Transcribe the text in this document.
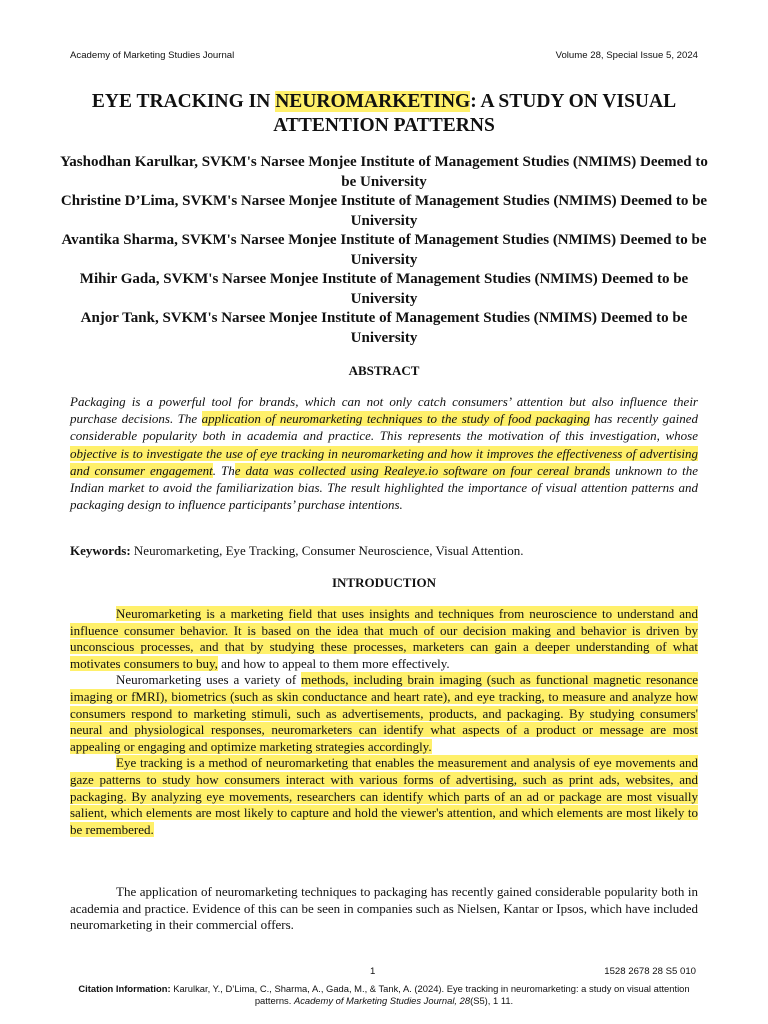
Academy of Marketing Studies Journal	Volume 28, Special Issue 5, 2024
EYE TRACKING IN NEUROMARKETING: A STUDY ON VISUAL ATTENTION PATTERNS
Yashodhan Karulkar, SVKM's Narsee Monjee Institute of Management Studies (NMIMS) Deemed to be University
Christine D’Lima, SVKM's Narsee Monjee Institute of Management Studies (NMIMS) Deemed to be University
Avantika Sharma, SVKM's Narsee Monjee Institute of Management Studies (NMIMS) Deemed to be University
Mihir Gada, SVKM's Narsee Monjee Institute of Management Studies (NMIMS) Deemed to be University
Anjor Tank, SVKM's Narsee Monjee Institute of Management Studies (NMIMS) Deemed to be University
ABSTRACT
Packaging is a powerful tool for brands, which can not only catch consumers’ attention but also influence their purchase decisions. The application of neuromarketing techniques to the study of food packaging has recently gained considerable popularity both in academia and practice. This represents the motivation of this investigation, whose objective is to investigate the use of eye tracking in neuromarketing and how it improves the effectiveness of advertising and consumer engagement. The data was collected using Realeye.io software on four cereal brands unknown to the Indian market to avoid the familiarization bias. The result highlighted the importance of visual attention patterns and packaging design to influence participants’ purchase intentions.
Keywords: Neuromarketing, Eye Tracking, Consumer Neuroscience, Visual Attention.
INTRODUCTION

Neuromarketing is a marketing field that uses insights and techniques from neuroscience to understand and influence consumer behavior. It is based on the idea that much of our decision making and behavior is driven by unconscious processes, and that by studying these processes, marketers can gain a deeper understanding of what motivates consumers to buy, and how to appeal to them more effectively.

Neuromarketing uses a variety of methods, including brain imaging (such as functional magnetic resonance imaging or fMRI), biometrics (such as skin conductance and heart rate), and eye tracking, to measure and analyze how consumers respond to marketing stimuli, such as advertisements, products, and packaging. By studying consumers' neural and physiological responses, neuromarketers can identify what aspects of a product or message are most appealing or engaging and optimize marketing strategies accordingly.

Eye tracking is a method of neuromarketing that enables the measurement and analysis of eye movements and gaze patterns to study how consumers interact with various forms of advertising, such as print ads, websites, and packaging. By analyzing eye movements, researchers can identify which parts of an ad or package are most visually salient, which elements are most likely to capture and hold the viewer's attention, and which elements are most likely to be remembered.

The application of neuromarketing techniques to packaging has recently gained considerable popularity both in academia and practice. Evidence of this can be seen in companies such as Nielsen, Kantar or Ipsos, which have included neuromarketing in their commercial offers.

1	1528 2678 28 S5 010
Citation Information: Karulkar, Y., D’Lima, C., Sharma, A., Gada, M., & Tank, A. (2024). Eye tracking in neuromarketing: a study on visual attention patterns. Academy of Marketing Studies Journal, 28(S5), 1 11.
